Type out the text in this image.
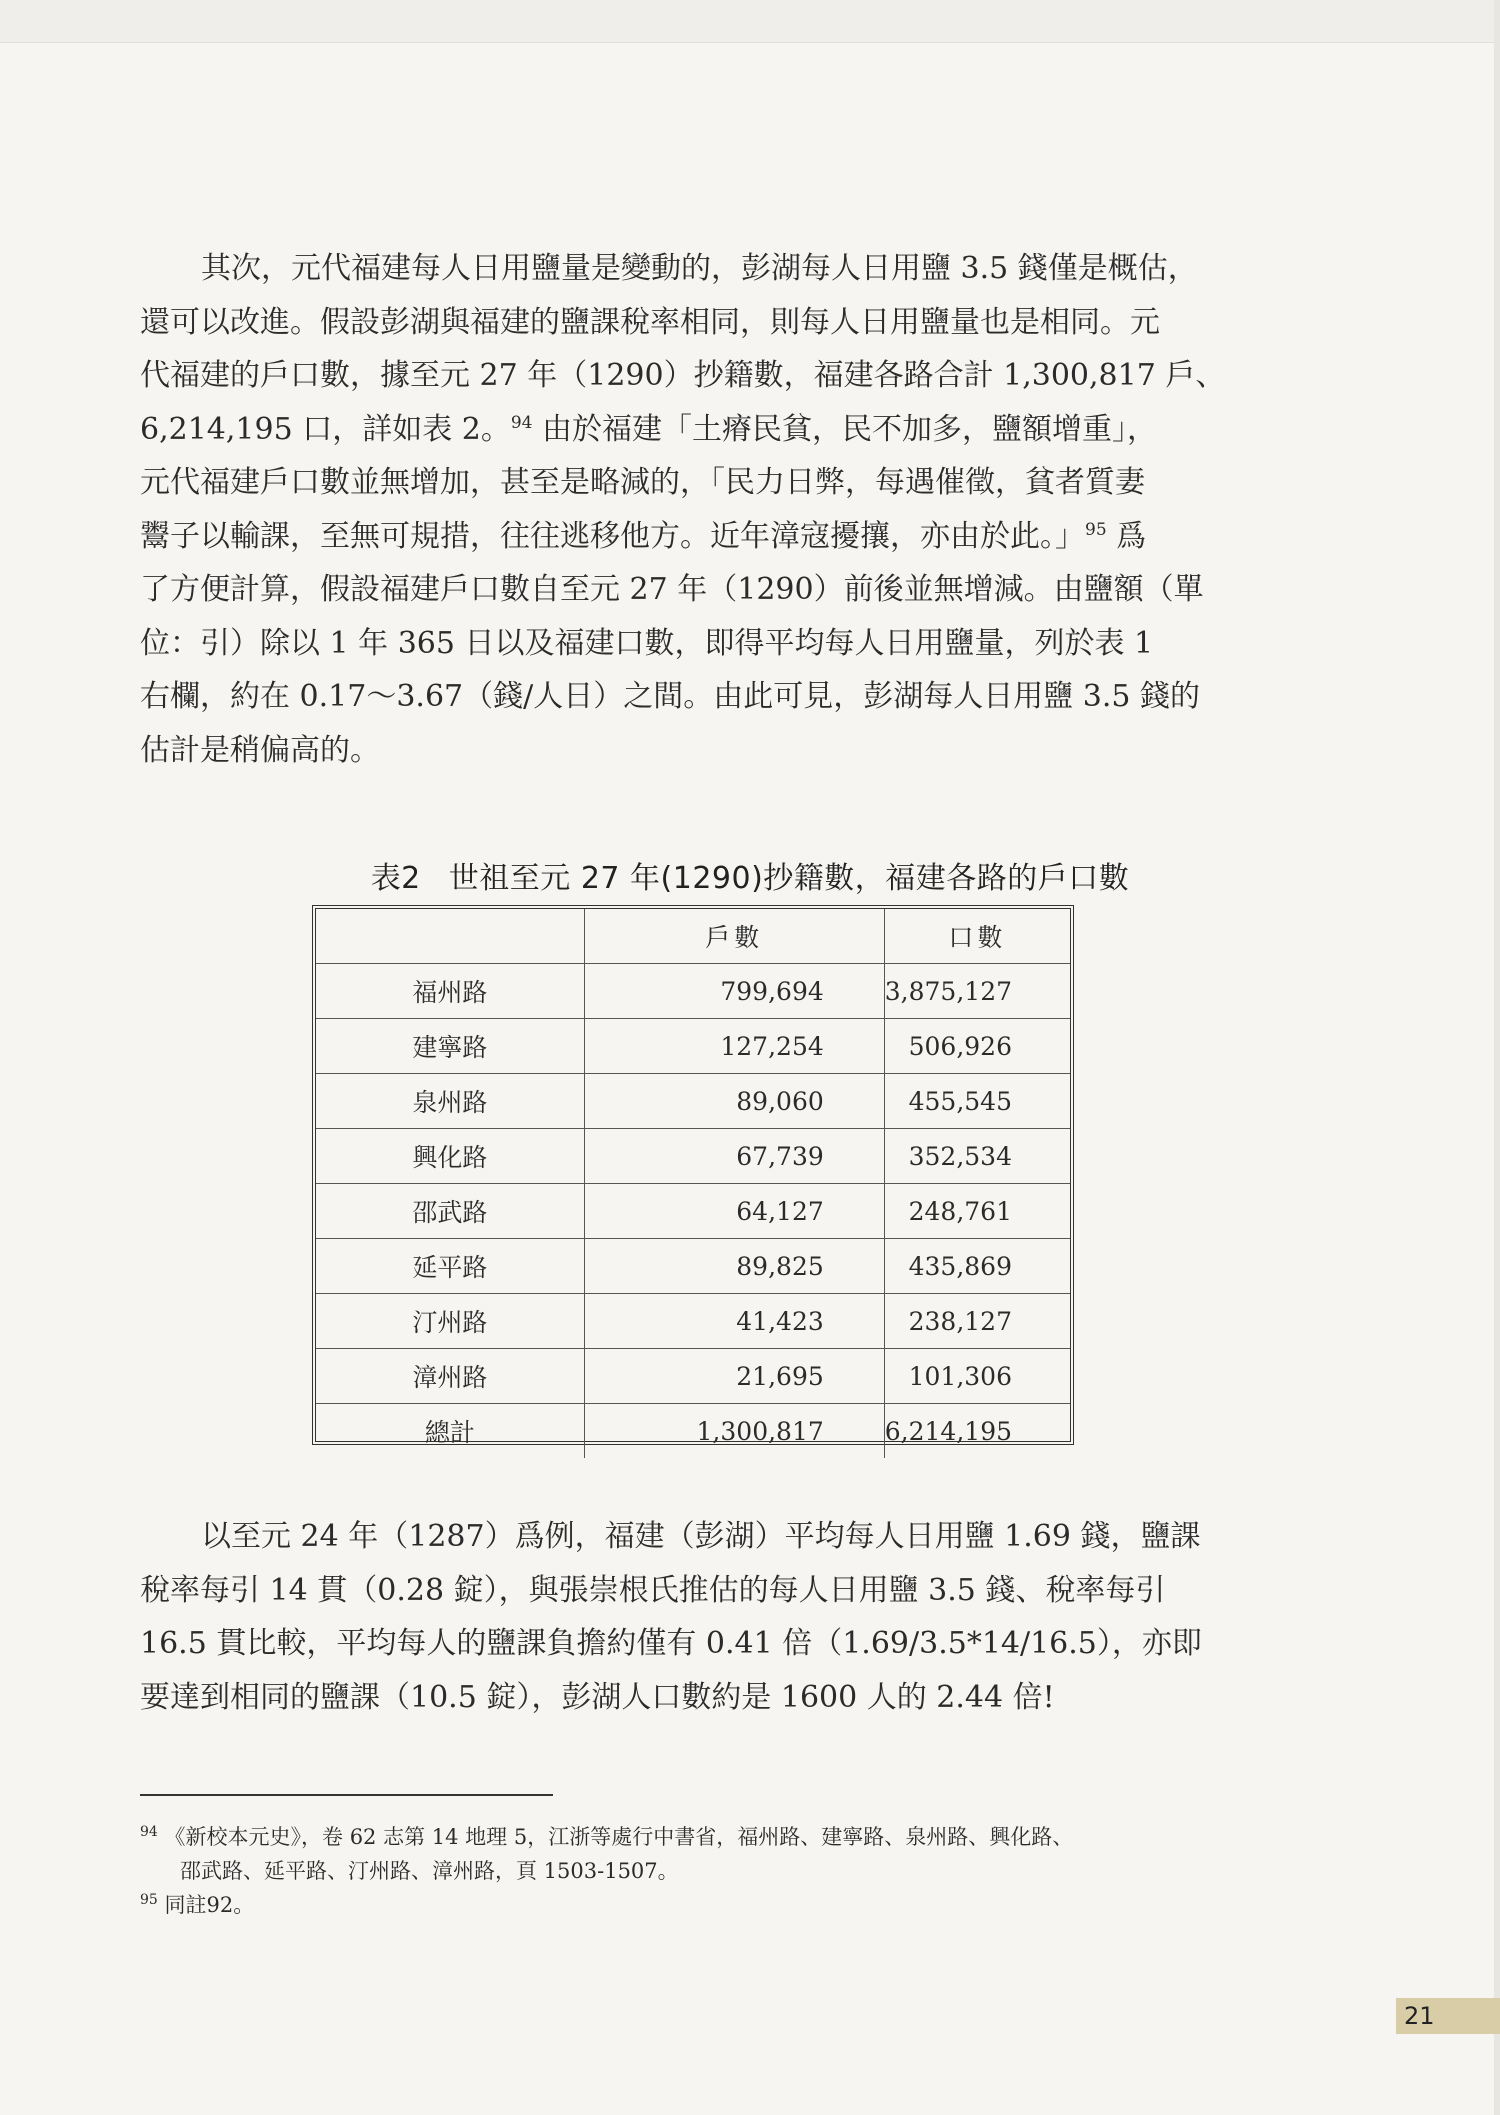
其次，元代福建每人日用鹽量是變動的，彭湖每人日用鹽 3.5 錢僅是概估，
還可以改進。假設彭湖與福建的鹽課稅率相同，則每人日用鹽量也是相同。元
代福建的戶口數，據至元 27 年（1290）抄籍數，福建各路合計 1,300,817 戶、
6,214,195 口，詳如表 2。$^{94}$ 由於福建「土瘠民貧，民不加多，鹽額增重」，
元代福建戶口數並無增加，甚至是略減的，「民力日弊，每遇催徵，貧者質妻
鬻子以輸課，至無可規措，往往逃移他方。近年漳寇擾攘，亦由於此。」$^{95}$ 爲
了方便計算，假設福建戶口數自至元 27 年（1290）前後並無增減。由鹽額（單
位：引）除以 1 年 365 日以及福建口數，即得平均每人日用鹽量，列於表 1
右欄，約在 0.17～3.67（錢/人日）之間。由此可見，彭湖每人日用鹽 3.5 錢的
估計是稍偏高的。
表2 世祖至元 27 年(1290)抄籍數，福建各路的戶口數
	戶數	口數
福州路	799,694	3,875,127
建寧路	127,254	506,926
泉州路	89,060	455,545
興化路	67,739	352,534
邵武路	64,127	248,761
延平路	89,825	435,869
汀州路	41,423	238,127
漳州路	21,695	101,306
總計	1,300,817	6,214,195
以至元 24 年（1287）爲例，福建（彭湖）平均每人日用鹽 1.69 錢，鹽課
稅率每引 14 貫（0.28 錠），與張崇根氏推估的每人日用鹽 3.5 錢、稅率每引
16.5 貫比較，平均每人的鹽課負擔約僅有 0.41 倍（1.69/3.5*14/16.5），亦即
要達到相同的鹽課（10.5 錠），彭湖人口數約是 1600 人的 2.44 倍!

$^{94}$ 《新校本元史》，卷 62 志第 14 地理 5，江浙等處行中書省，福州路、建寧路、泉州路、興化路、
邵武路、延平路、汀州路、漳州路，頁 1503-1507。

$^{95}$ 同註92。

21
